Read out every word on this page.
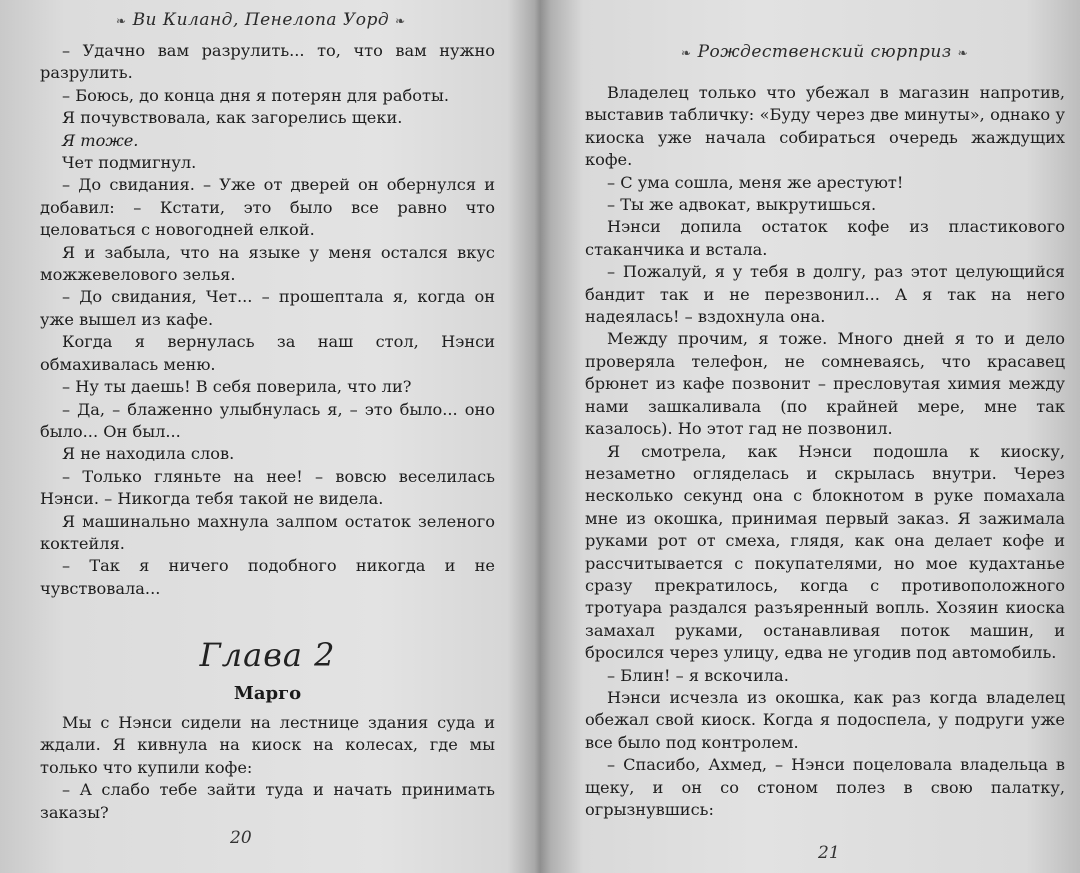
❧ Ви Киланд, Пенелопа Уорд ❧

– Удачно вам разрулить... то, что вам нужно разрулить.

– Боюсь, до конца дня я потерян для работы.

Я почувствовала, как загорелись щеки.

Я тоже.

Чет подмигнул.

– До свидания. – Уже от дверей он обернулся и добавил: – Кстати, это было все равно что целоваться с новогодней елкой.

Я и забыла, что на языке у меня остался вкус можжевелового зелья.

– До свидания, Чет... – прошептала я, когда он уже вышел из кафе.

Когда я вернулась за наш стол, Нэнси обмахивалась меню.

– Ну ты даешь! В себя поверила, что ли?

– Да, – блаженно улыбнулась я, – это было... оно было... Он был...

Я не находила слов.

– Только гляньте на нее! – вовсю веселилась Нэнси. – Никогда тебя такой не видела.

Я машинально махнула залпом остаток зеленого коктейля.

– Так я ничего подобного никогда и не чувствовала...

Глава 2
Марго

Мы с Нэнси сидели на лестнице здания суда и ждали. Я кивнула на киоск на колесах, где мы только что купили кофе:

– А слабо тебе зайти туда и начать принимать заказы?

20
❧ Рождественский сюрприз ❧

Владелец только что убежал в магазин напротив, выставив табличку: «Буду через две минуты», однако у киоска уже начала собираться очередь жаждущих кофе.

– С ума сошла, меня же арестуют!

– Ты же адвокат, выкрутишься.

Нэнси допила остаток кофе из пластикового стаканчика и встала.

– Пожалуй, я у тебя в долгу, раз этот целующийся бандит так и не перезвонил... А я так на него надеялась! – вздохнула она.

Между прочим, я тоже. Много дней я то и дело проверяла телефон, не сомневаясь, что красавец брюнет из кафе позвонит – пресловутая химия между нами зашкаливала (по крайней мере, мне так казалось). Но этот гад не позвонил.

Я смотрела, как Нэнси подошла к киоску, незаметно огляделась и скрылась внутри. Через несколько секунд она с блокнотом в руке помахала мне из окошка, принимая первый заказ. Я зажимала руками рот от смеха, глядя, как она делает кофе и рассчитывается с покупателями, но мое кудахтанье сразу прекратилось, когда с противоположного тротуара раздался разъяренный вопль. Хозяин киоска замахал руками, останавливая поток машин, и бросился через улицу, едва не угодив под автомобиль.

– Блин! – я вскочила.

Нэнси исчезла из окошка, как раз когда владелец обежал свой киоск. Когда я подоспела, у подруги уже все было под контролем.

– Спасибо, Ахмед, – Нэнси поцеловала владельца в щеку, и он со стоном полез в свою палатку, огрызнувшись:

21
